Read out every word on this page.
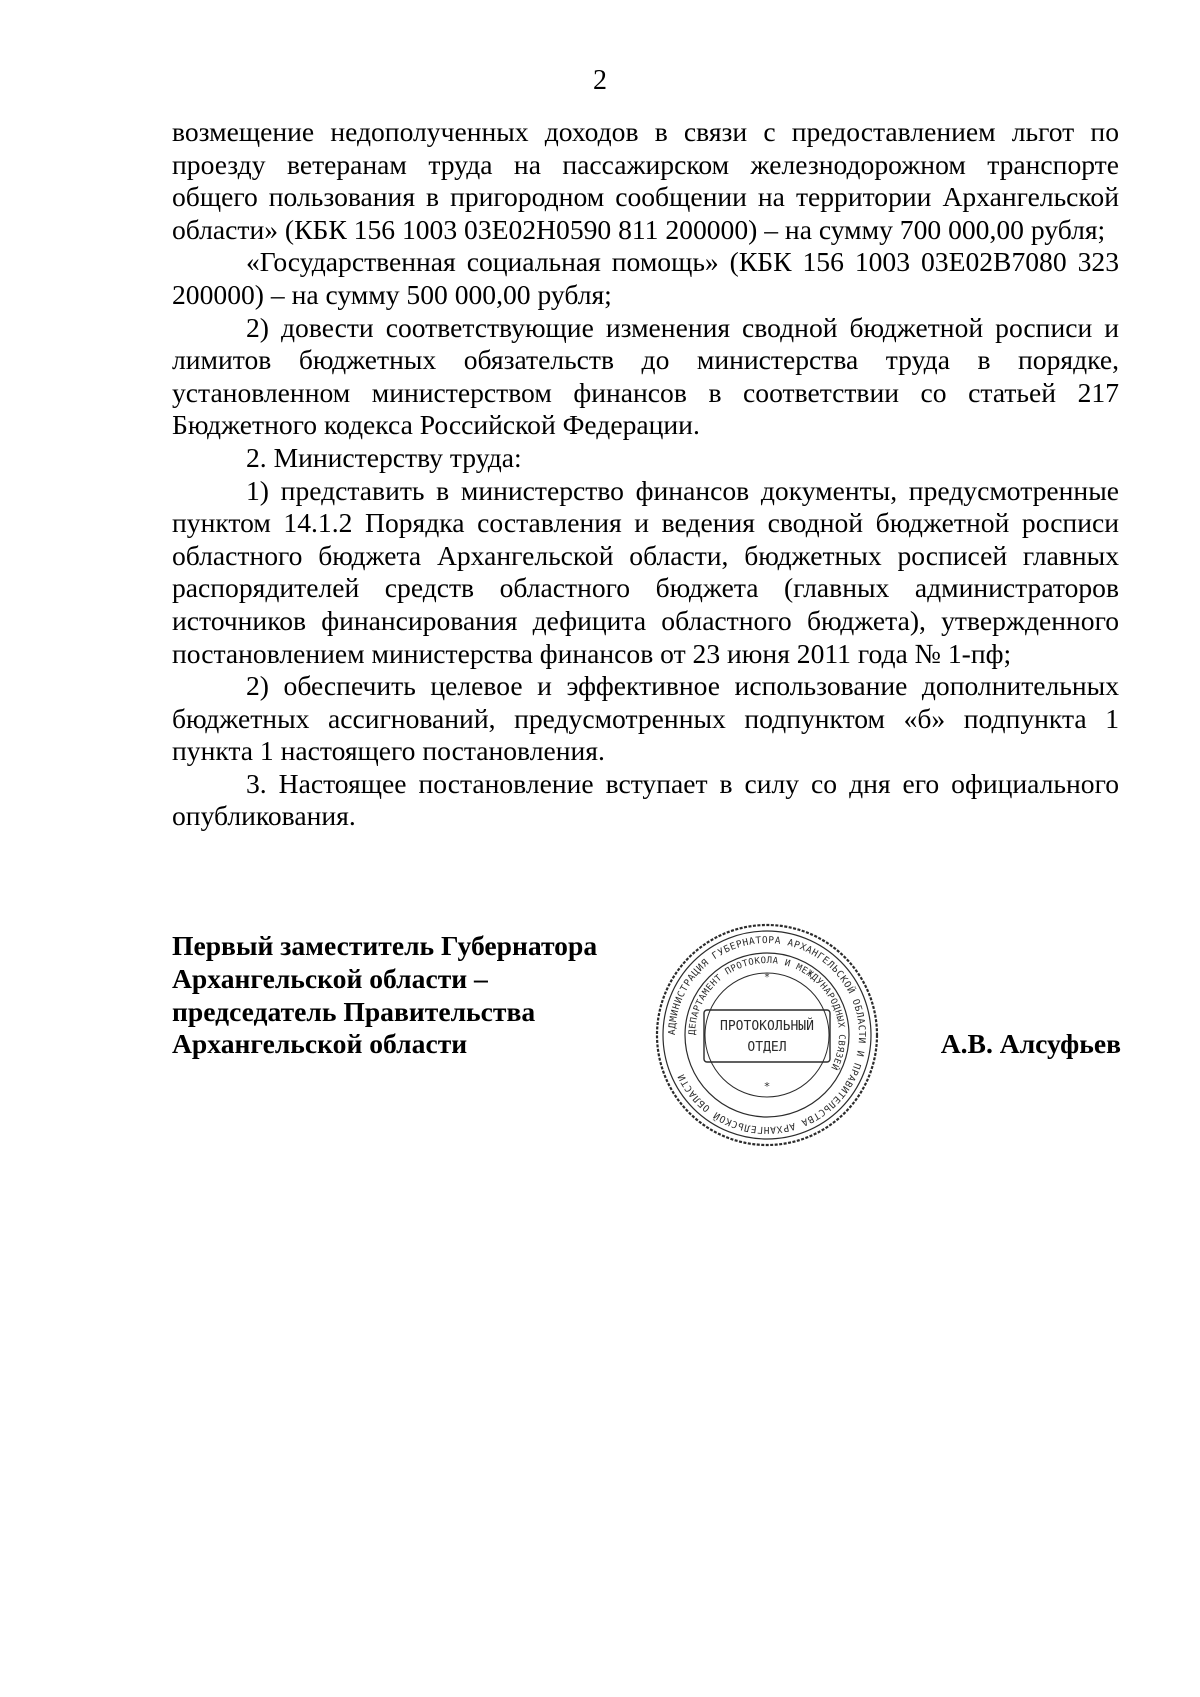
2

возмещение недополученных доходов в связи с предоставлением льгот по проезду ветеранам труда на пассажирском железнодорожном транспорте общего пользования в пригородном сообщении на территории Архангельской области» (КБК 156 1003 03Е02Н0590 811 200000) – на сумму 700 000,00 рубля;

«Государственная социальная помощь» (КБК 156 1003 03Е02В7080 323 200000) – на сумму 500 000,00 рубля;

2) довести соответствующие изменения сводной бюджетной росписи и лимитов бюджетных обязательств до министерства труда в порядке, установленном министерством финансов в соответствии со статьей 217 Бюджетного кодекса Российской Федерации.

2. Министерству труда:

1) представить в министерство финансов документы, предусмотренные пунктом 14.1.2 Порядка составления и ведения сводной бюджетной росписи областного бюджета Архангельской области, бюджетных росписей главных распорядителей средств областного бюджета (главных администраторов источников финансирования дефицита областного бюджета), утвержденного постановлением министерства финансов от 23 июня 2011 года № 1-пф;

2) обеспечить целевое и эффективное использование дополнительных бюджетных ассигнований, предусмотренных подпунктом «б» подпункта 1 пункта 1 настоящего постановления.

3. Настоящее постановление вступает в силу со дня его официального опубликования.

Первый заместитель Губернатора
Архангельской области –
председатель Правительства
Архангельской области	АДМИНИСТРАЦИЯ ГУБЕРНАТОРА АРХАНГЕЛЬСКОЙ ОБЛАСТИ И ПРАВИТЕЛЬСТВА АРХАНГЕЛЬСКОЙ ОБЛАСТИ
ДЕПАРТАМЕНТ ПРОТОКОЛА И МЕЖДУНАРОДНЫХ СВЯЗЕЙ
ПРОТОКОЛЬНЫЙ
ОТДЕЛ
*
*
А.В. Алсуфьев
